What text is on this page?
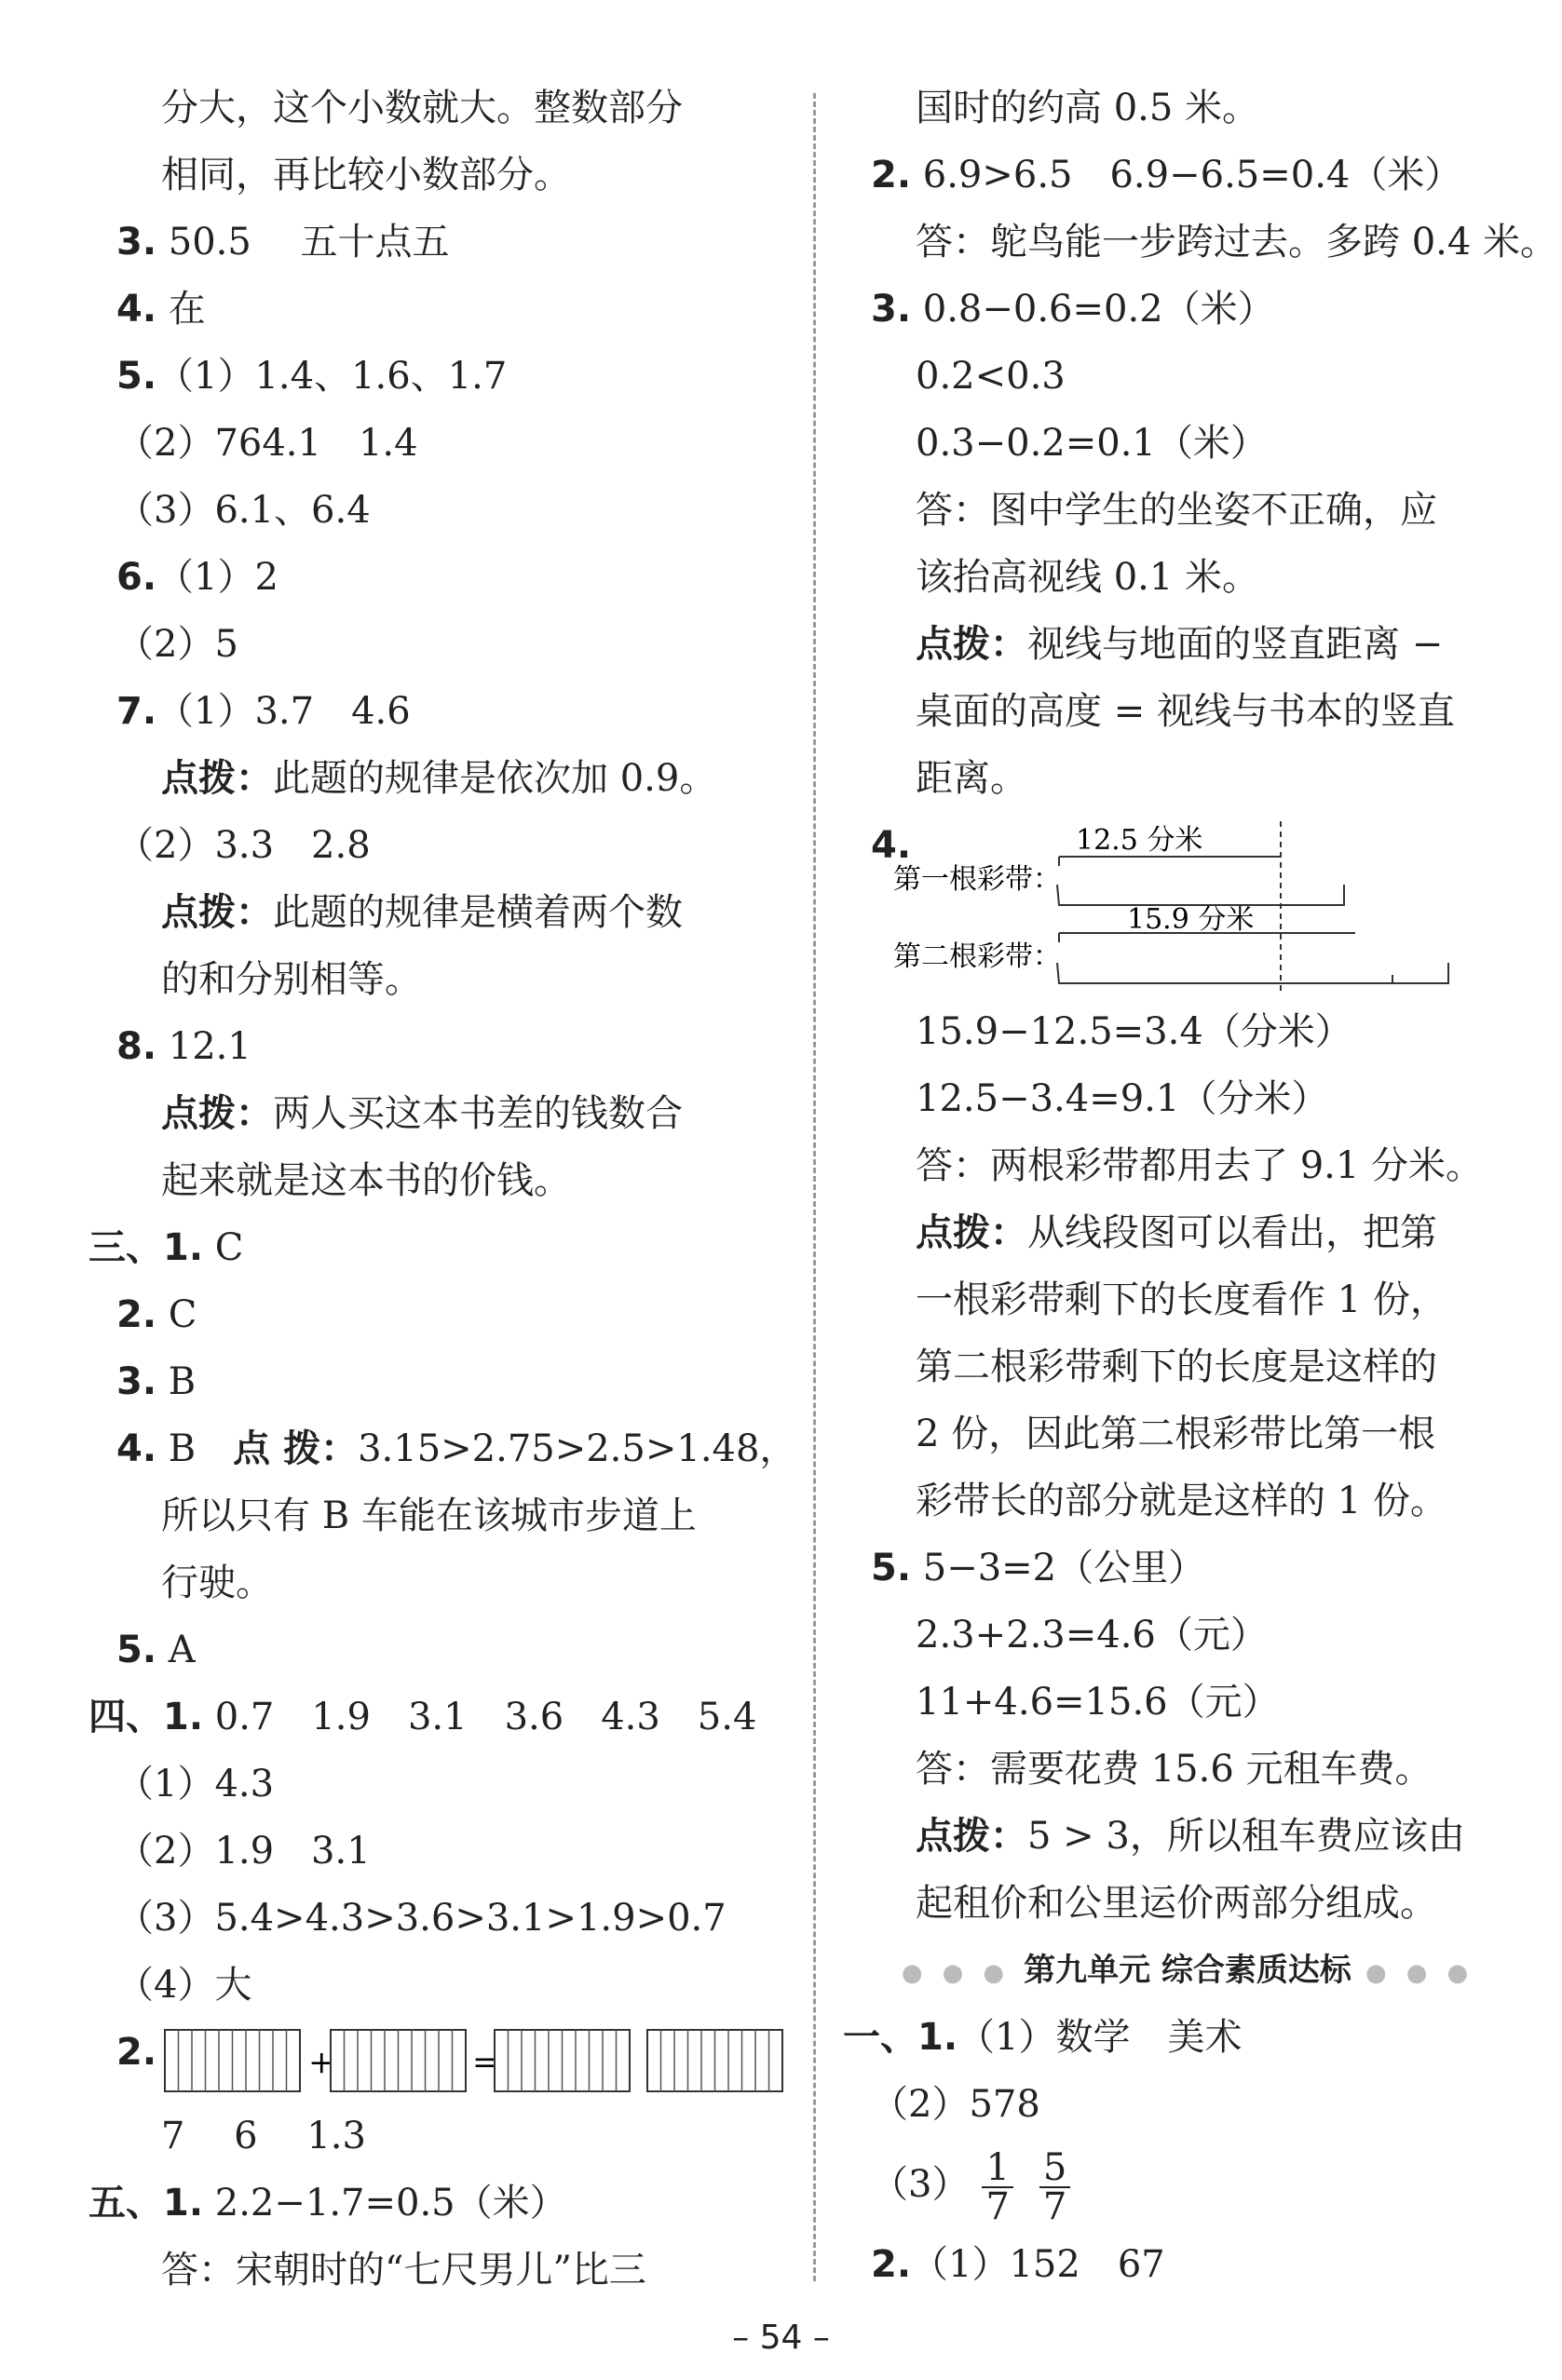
分大，这个小数就大。整数部分
相同，再比较小数部分。
3. 50.5　 五十点五
4. 在
5.（1）1.4、1.6、1.7
（2）764.1　1.4
（3）6.1、6.4
6.（1）2
（2）5
7.（1）3.7　4.6
点拨：此题的规律是依次加 0.9。
（2）3.3　2.8
点拨：此题的规律是横着两个数
的和分别相等。
8. 12.1
点拨：两人买这本书差的钱数合
起来就是这本书的价钱。
三、1. C
2. C
3. B
4. B　点 拨：3.15>2.75>2.5>1.48，
所以只有 B 车能在该城市步道上
行驶。
5. A
四、1. 0.7　1.9　3.1　3.6　4.3　5.4
（1）4.3
（2）1.9　3.1
（3）5.4>4.3>3.6>3.1>1.9>0.7
（4）大
2.	+	=
7　 6　 1.3
五、1. 2.2−1.7=0.5（米）
答：宋朝时的“七尺男儿”比三
国时的约高 0.5 米。
2. 6.9>6.5　6.9−6.5=0.4（米）
答：鸵鸟能一步跨过去。多跨 0.4 米。
3. 0.8−0.6=0.2（米）
0.2<0.3
0.3−0.2=0.1（米）
答：图中学生的坐姿不正确，应
该抬高视线 0.1 米。
点拨：视线与地面的竖直距离 −
桌面的高度 = 视线与书本的竖直
距离。
4.
第一根彩带：
第二根彩带：
12.5 分米
15.9 分米
15.9−12.5=3.4（分米）
12.5−3.4=9.1（分米）
答：两根彩带都用去了 9.1 分米。
点拨：从线段图可以看出，把第
一根彩带剩下的长度看作 1 份，
第二根彩带剩下的长度是这样的
2 份，因此第二根彩带比第一根
彩带长的部分就是这样的 1 份。
5. 5−3=2（公里）
2.3+2.3=4.6（元）
11+4.6=15.6（元）
答：需要花费 15.6 元租车费。
点拨：5 > 3，所以租车费应该由
起租价和公里运价两部分组成。
● ● ● 第九单元 综合素质达标 ● ● ●
一、1.（1）数学　美术
（2）578
$(3) \frac{1}{7} \frac{5}{7}$
2.（1）152　67
– 54 –
